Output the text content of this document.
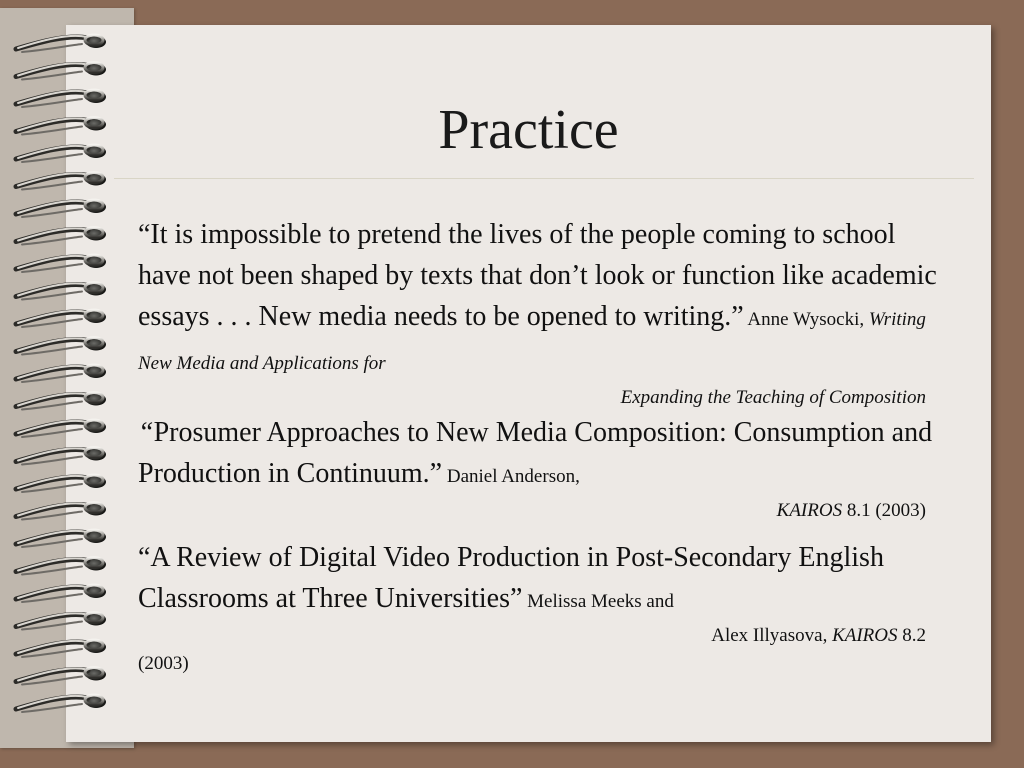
Practice

“It is impossible to pretend the lives of the people coming to school have not been shaped by texts that don’t look or function like academic essays . . . New media needs to be opened to writing.” Anne Wysocki, Writing New Media and Applications for

Expanding the Teaching of Composition

“Prosumer Approaches to New Media Composition: Consumption and Production in Continuum.” Daniel Anderson,

KAIROS 8.1 (2003)

“A Review of Digital Video Production in Post-Secondary English Classrooms at Three Universities” Melissa Meeks and

Alex Illyasova, KAIROS 8.2

(2003)
